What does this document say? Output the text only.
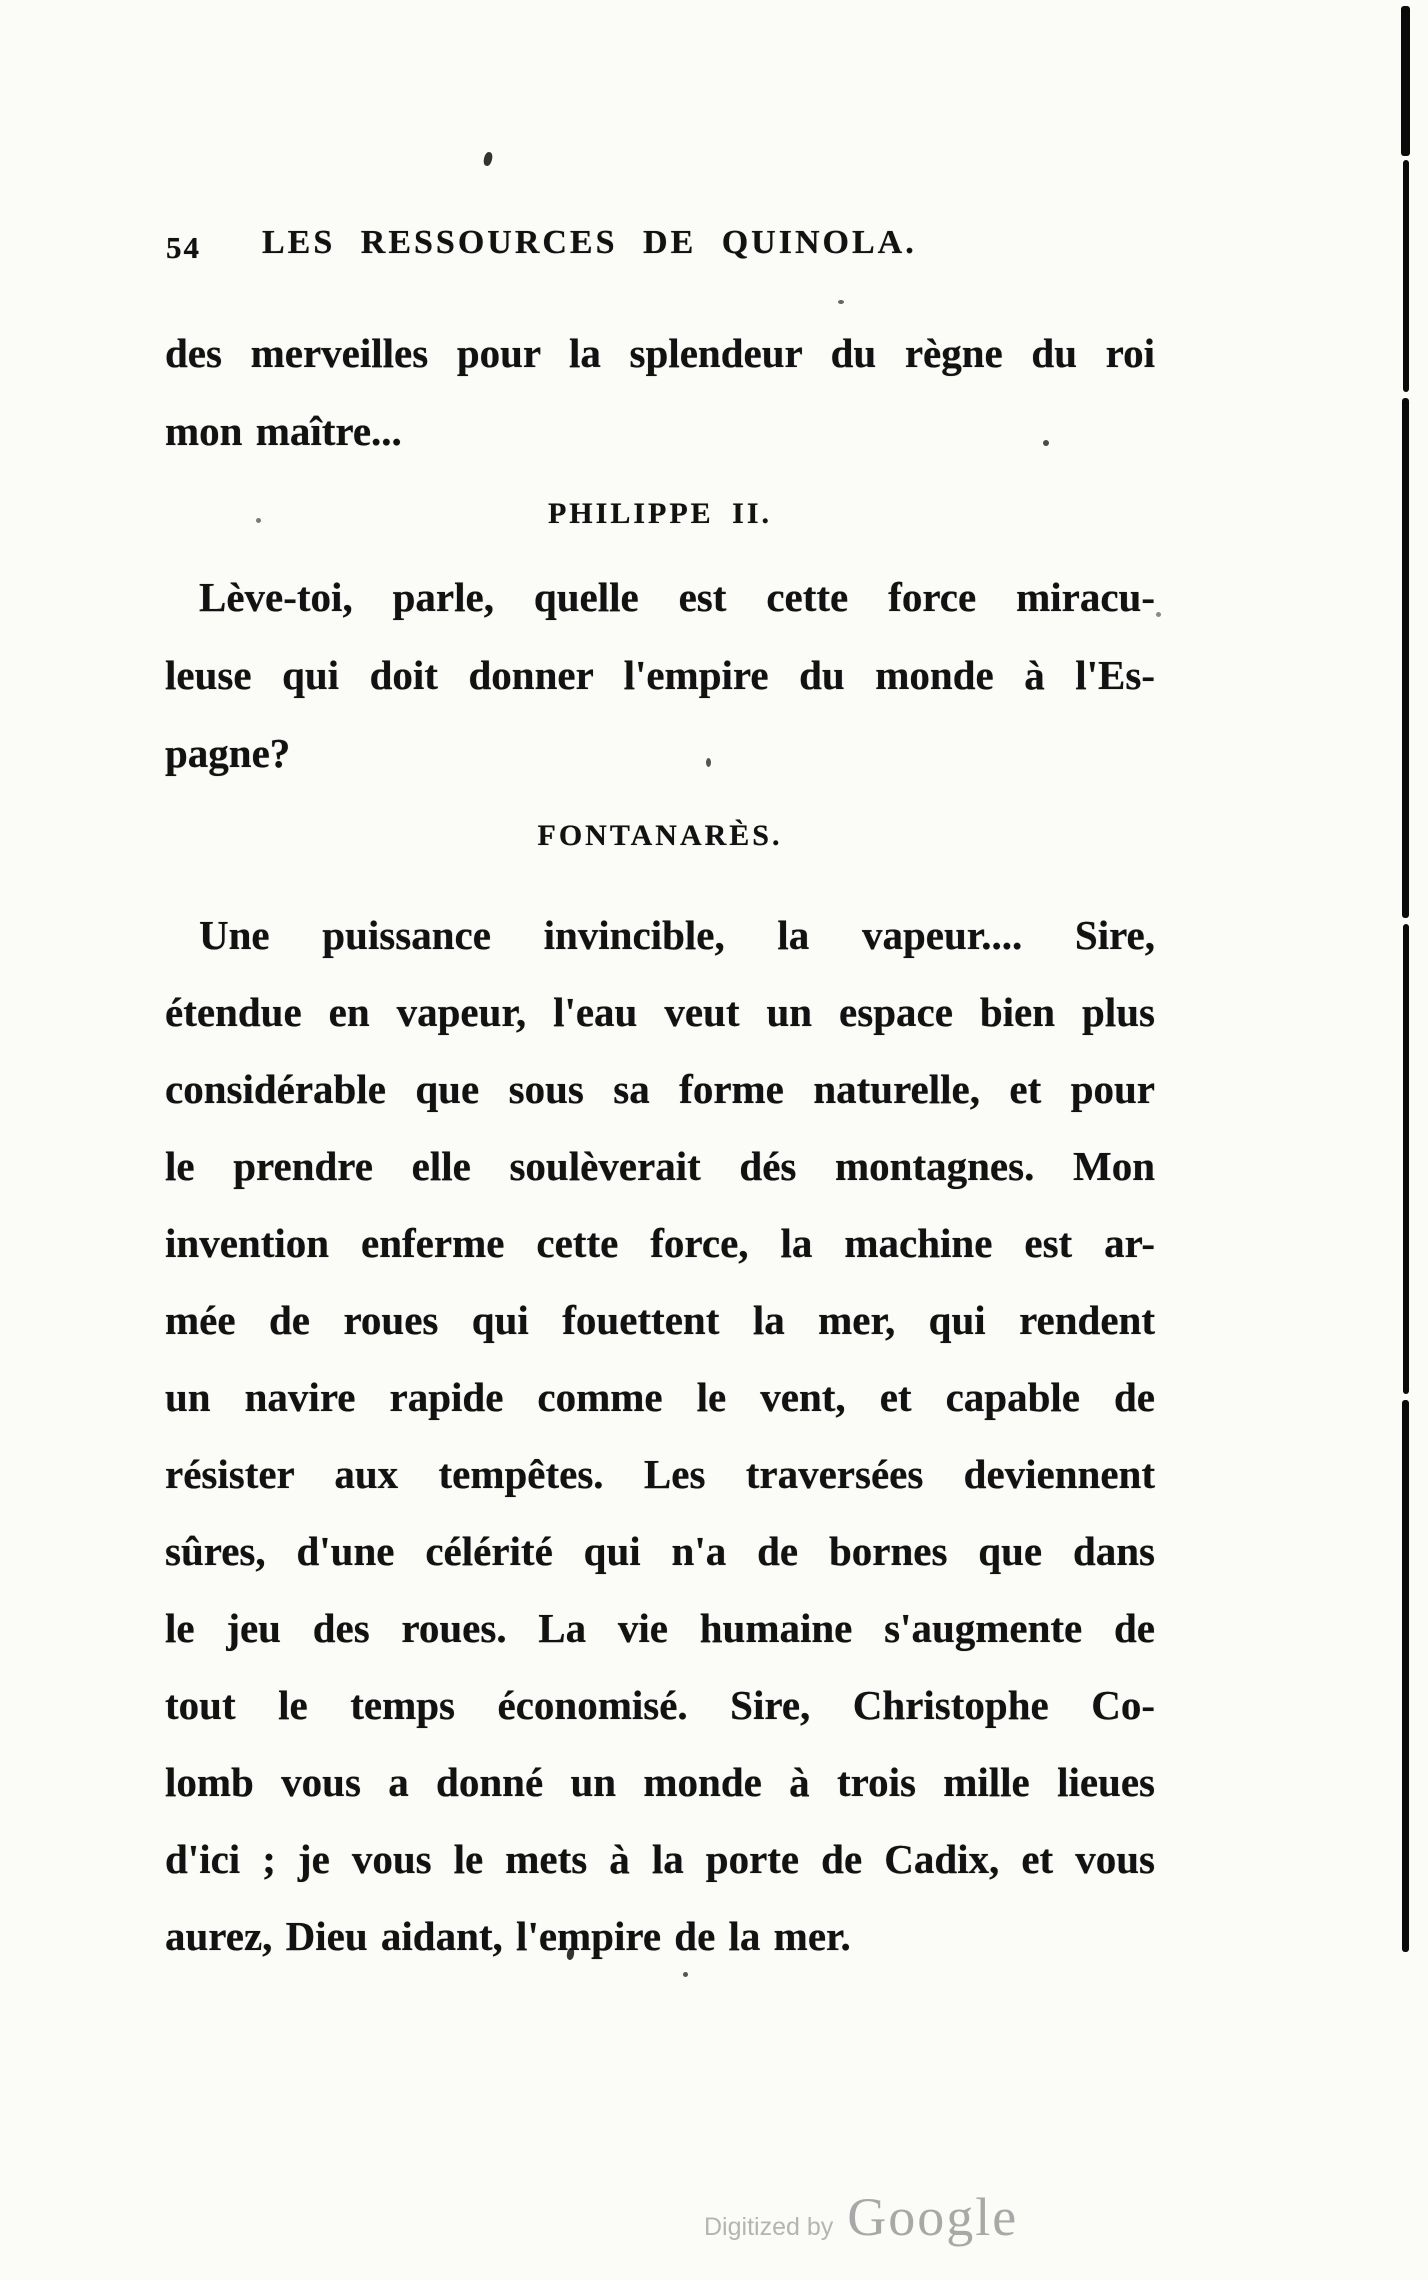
54 LES RESSOURCES DE QUINOLA.

des merveilles pour la splendeur du règne du roi
mon maître...

PHILIPPE II.

Lève-toi, parle, quelle est cette force miracu-
leuse qui doit donner l'empire du monde à l'Es-
pagne?

FONTANARÈS.

Une puissance invincible, la vapeur.... Sire,
étendue en vapeur, l'eau veut un espace bien plus
considérable que sous sa forme naturelle, et pour
le prendre elle soulèverait dés montagnes. Mon
invention enferme cette force, la machine est ar-
mée de roues qui fouettent la mer, qui rendent
un navire rapide comme le vent, et capable de
résister aux tempêtes. Les traversées deviennent
sûres, d'une célérité qui n'a de bornes que dans
le jeu des roues. La vie humaine s'augmente de
tout le temps économisé. Sire, Christophe Co-
lomb vous a donné un monde à trois mille lieues
d'ici ; je vous le mets à la porte de Cadix, et vous
aurez, Dieu aidant, l'empire de la mer.

Digitized by Google
